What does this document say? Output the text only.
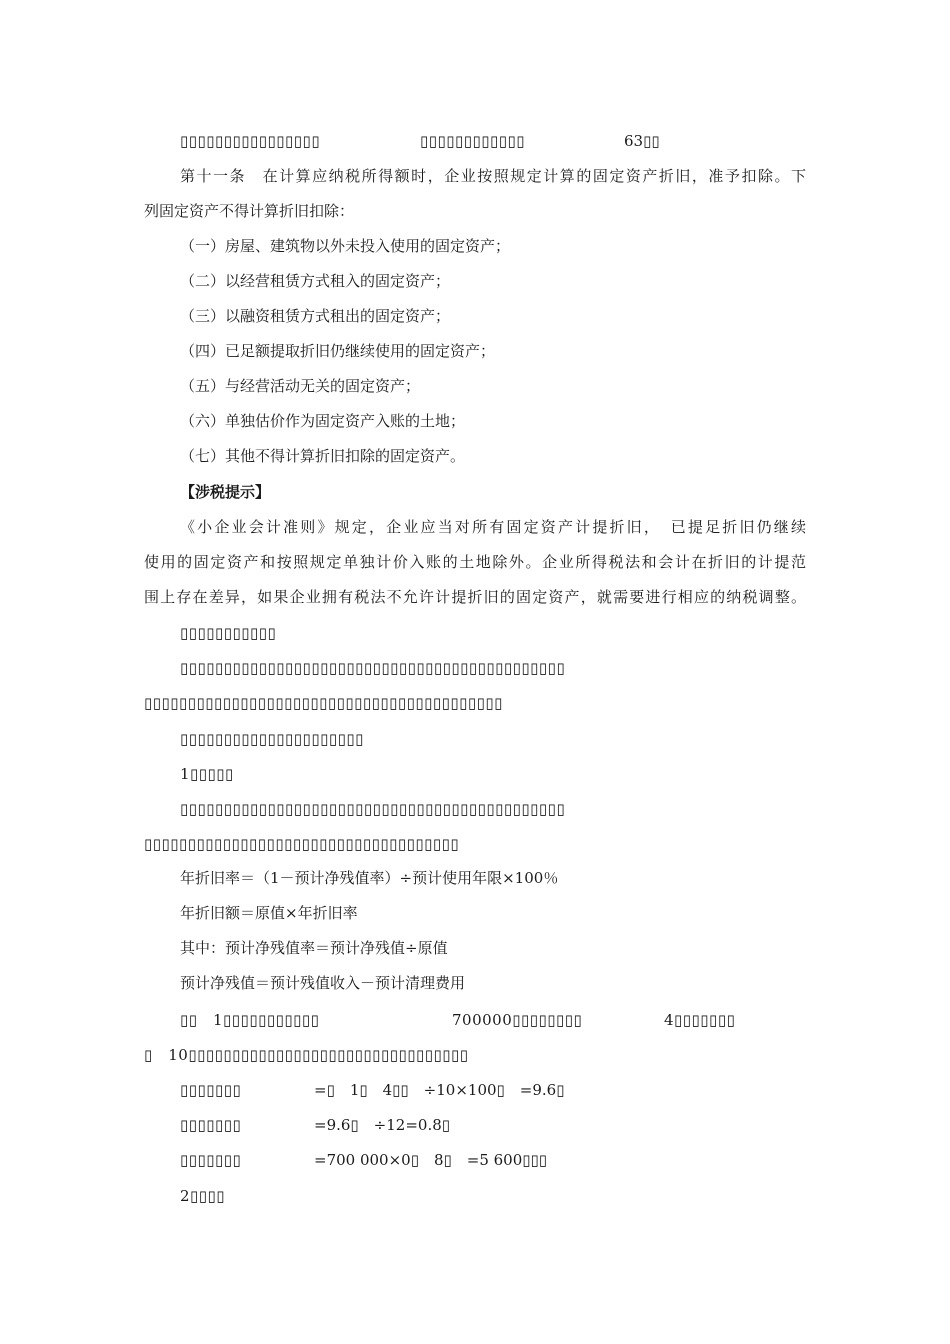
▯▯▯▯▯▯▯▯▯▯▯▯▯▯▯▯	▯▯▯▯▯▯▯▯▯▯▯▯	63▯▯
第十一条　在计算应纳税所得额时，企业按照规定计算的固定资产折旧，准予扣除。下
列固定资产不得计算折旧扣除：
（一）房屋、建筑物以外未投入使用的固定资产；
（二）以经营租赁方式租入的固定资产；
（三）以融资租赁方式租出的固定资产；
（四）已足额提取折旧仍继续使用的固定资产；
（五）与经营活动无关的固定资产；
（六）单独估价作为固定资产入账的土地；
（七）其他不得计算折旧扣除的固定资产。
【涉税提示】
《小企业会计准则》规定，企业应当对所有固定资产计提折旧，　已提足折旧仍继续
使用的固定资产和按照规定单独计价入账的土地除外。企业所得税法和会计在折旧的计提范
围上存在差异，如果企业拥有税法不允许计提折旧的固定资产，就需要进行相应的纳税调整。
▯▯▯▯▯▯▯▯▯▯▯
▯▯▯▯▯▯▯▯▯▯▯▯▯▯▯▯▯▯▯▯▯▯▯▯▯▯▯▯▯▯▯▯▯▯▯▯▯▯▯▯▯▯▯▯
▯▯▯▯▯▯▯▯▯▯▯▯▯▯▯▯▯▯▯▯▯▯▯▯▯▯▯▯▯▯▯▯▯▯▯▯▯▯▯▯▯
▯▯▯▯▯▯▯▯▯▯▯▯▯▯▯▯▯▯▯▯▯
1▯▯▯▯▯
▯▯▯▯▯▯▯▯▯▯▯▯▯▯▯▯▯▯▯▯▯▯▯▯▯▯▯▯▯▯▯▯▯▯▯▯▯▯▯▯▯▯▯▯
▯▯▯▯▯▯▯▯▯▯▯▯▯▯▯▯▯▯▯▯▯▯▯▯▯▯▯▯▯▯▯▯▯▯▯▯
年折旧率＝（1－预计净残值率）÷预计使用年限×100％
年折旧额＝原值×年折旧率
其中：预计净残值率＝预计净残值÷原值
预计净残值＝预计残值收入－预计清理费用
▯▯　1▯▯▯▯▯▯▯▯▯▯▯	700000▯▯▯▯▯▯▯▯	4▯▯▯▯▯▯▯
▯　10▯▯▯▯▯▯▯▯▯▯▯▯▯▯▯▯▯▯▯▯▯▯▯▯▯▯▯▯▯▯▯▯
▯▯▯▯▯▯▯	=▯　1▯　4▯▯　÷10×100▯　=9.6▯
▯▯▯▯▯▯▯	=9.6▯　÷12=0.8▯
▯▯▯▯▯▯▯	=700 000×0▯　8▯　=5 600▯▯▯
2▯▯▯▯
